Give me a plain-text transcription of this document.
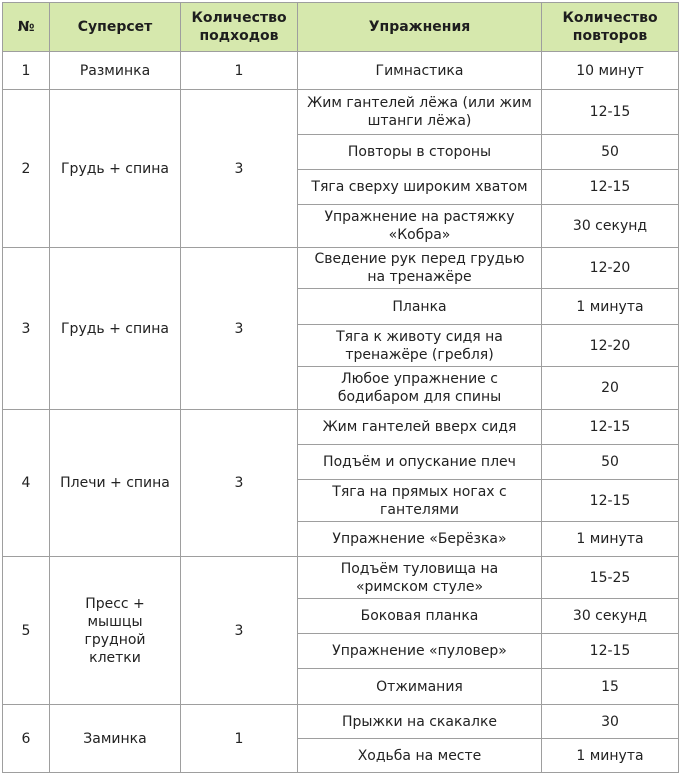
№	Суперсет	Количество подходов	Упражнения	Количество повторов
1	Разминка	1	Гимнастика	10 минут
2	Грудь + спина	3	Жим гантелей лёжа (или жим штанги лёжа)	12-15
			Повторы в стороны	50
			Тяга сверху широким хватом	12-15
			Упражнение на растяжку «Кобра»	30 секунд
3	Грудь + спина	3	Сведение рук перед грудью на тренажёре	12-20
			Планка	1 минута
			Тяга к животу сидя на тренажёре (гребля)	12-20
			Любое упражнение с бодибаром для спины	20
4	Плечи + спина	3	Жим гантелей вверх сидя	12-15
			Подъём и опускание плеч	50
			Тяга на прямых ногах с гантелями	12-15
			Упражнение «Берёзка»	1 минута
5	Пресс + мышцы грудной клетки	3	Подъём туловища на «римском стуле»	15-25
			Боковая планка	30 секунд
			Упражнение «пуловер»	12-15
			Отжимания	15
6	Заминка	1	Прыжки на скакалке	30
			Ходьба на месте	1 минута
